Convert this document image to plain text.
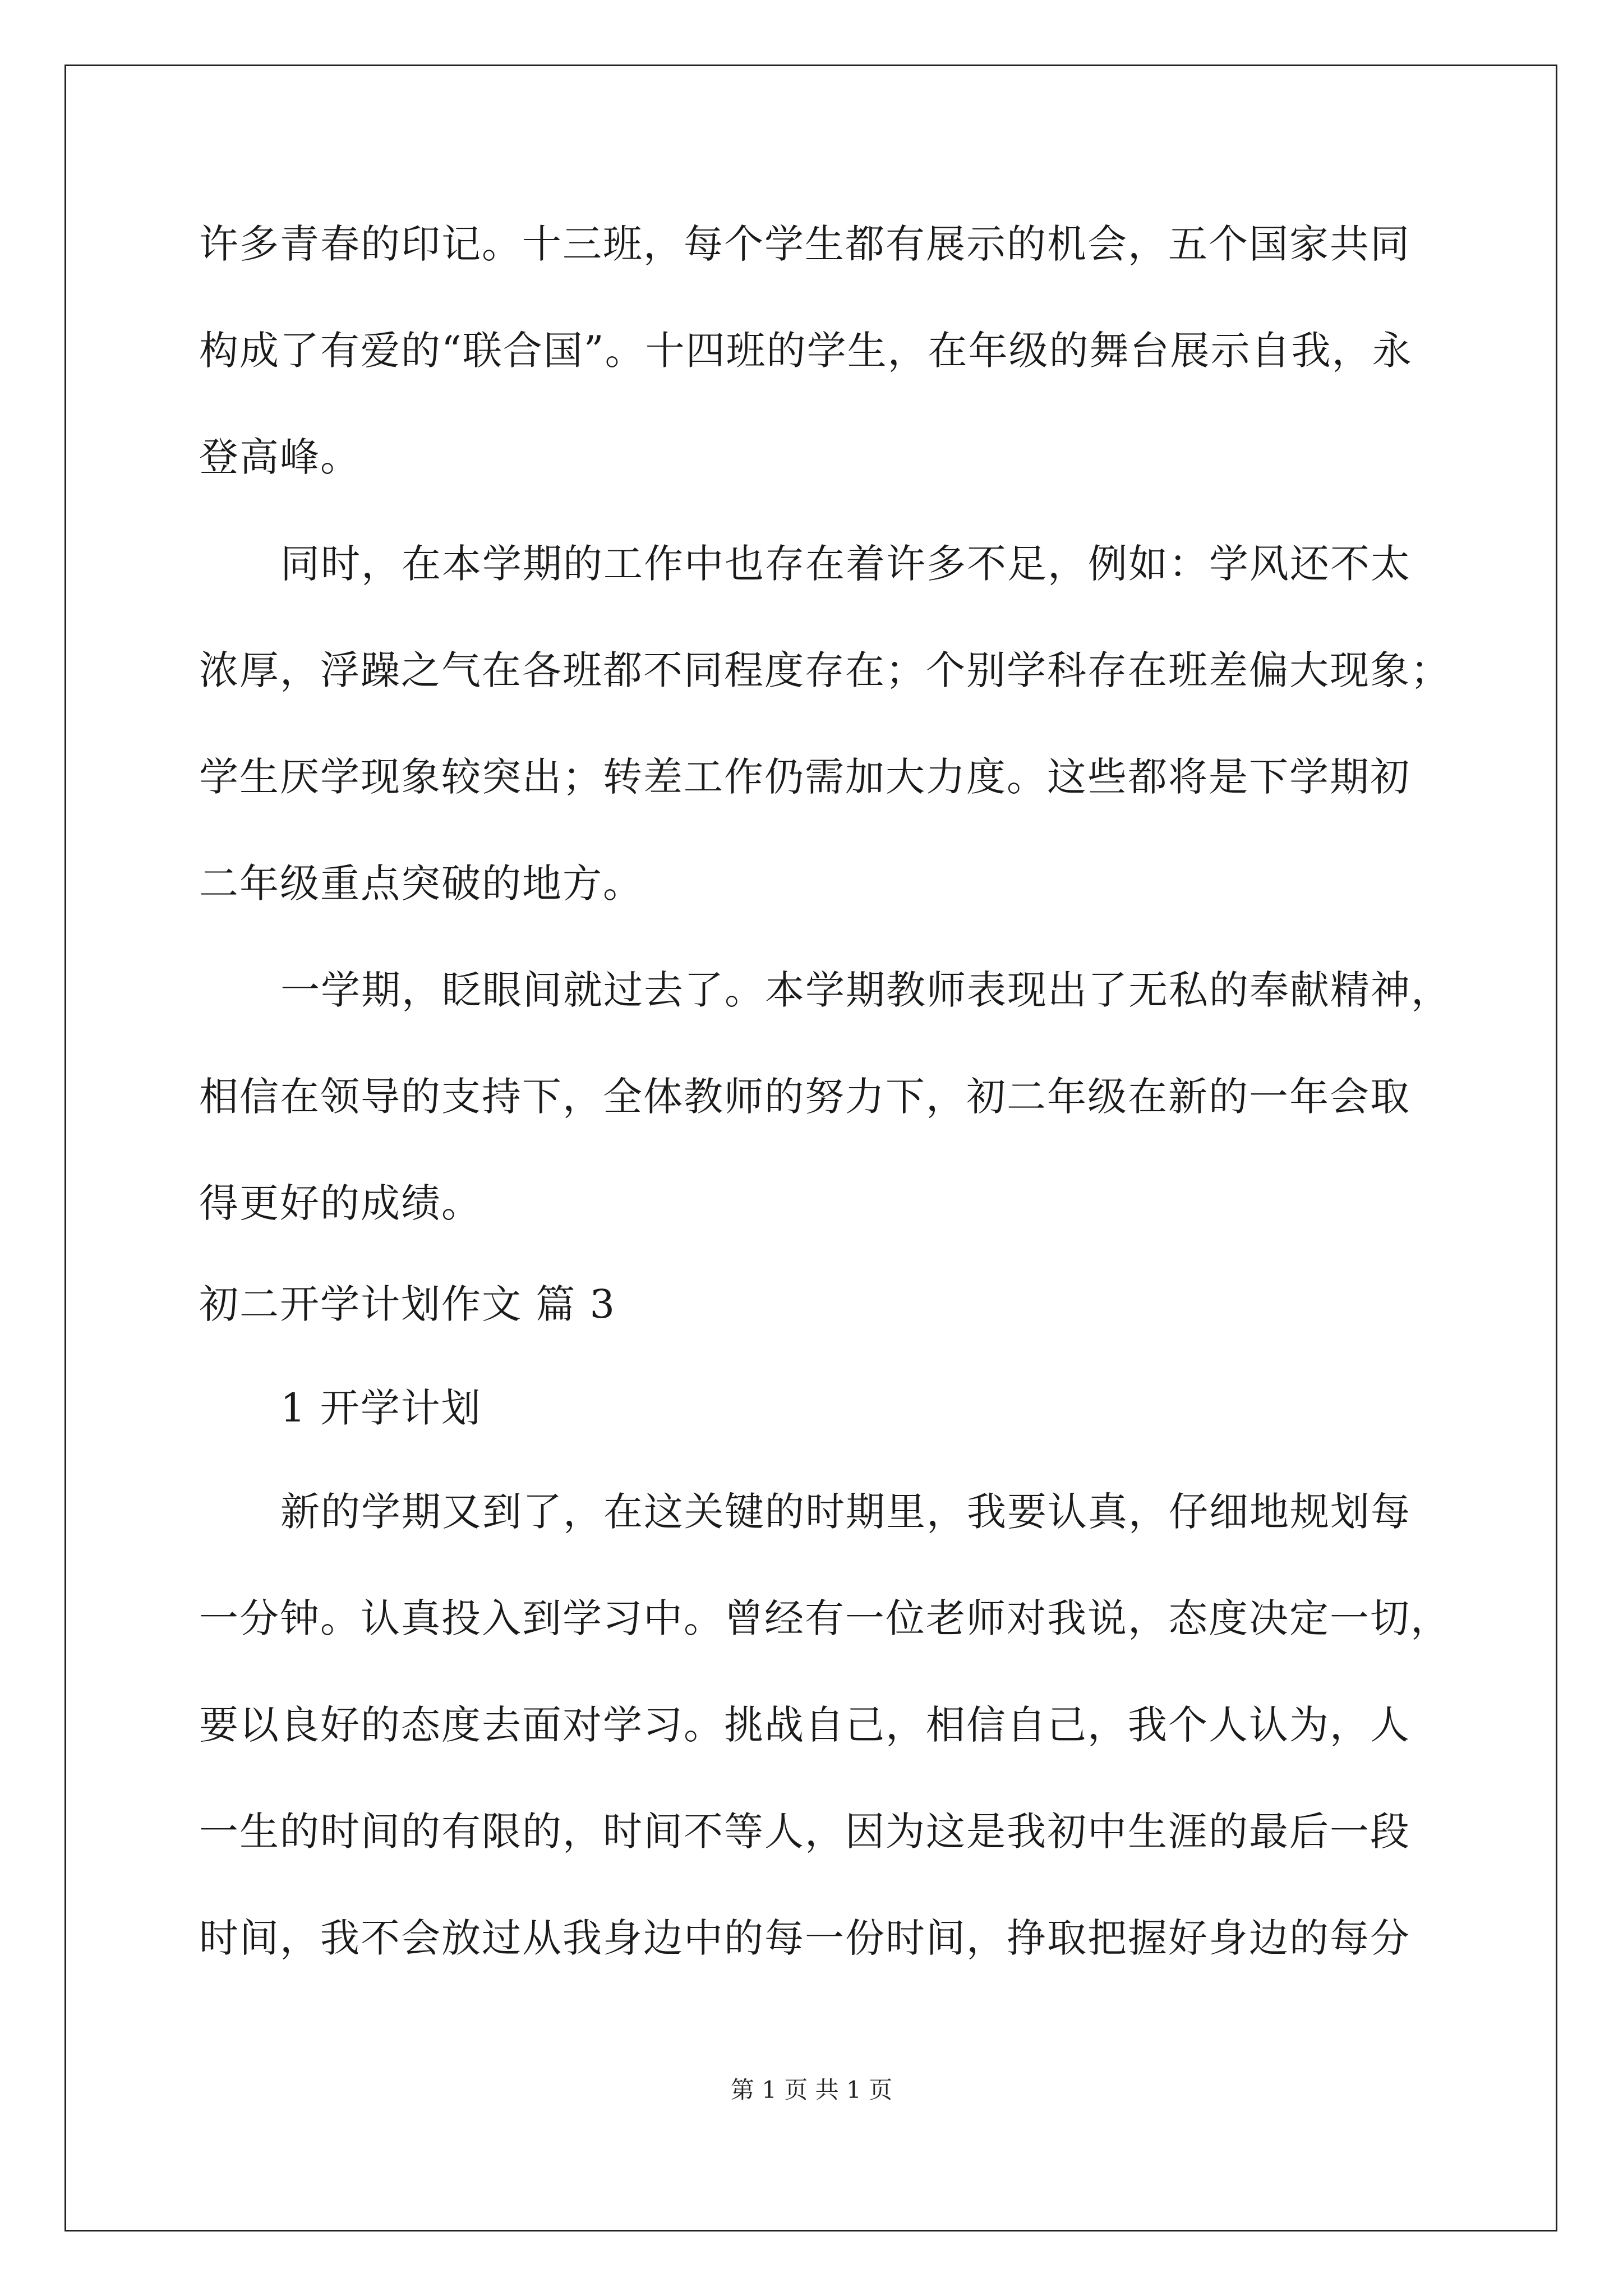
许多青春的印记。十三班，每个学生都有展示的机会，五个国家共同
构成了有爱的“联合国”。十四班的学生，在年级的舞台展示自我，永
登高峰。
同时，在本学期的工作中也存在着许多不足，例如：学风还不太
浓厚，浮躁之气在各班都不同程度存在；个别学科存在班差偏大现象；
学生厌学现象较突出；转差工作仍需加大力度。这些都将是下学期初
二年级重点突破的地方。
一学期，眨眼间就过去了。本学期教师表现出了无私的奉献精神，
相信在领导的支持下，全体教师的努力下，初二年级在新的一年会取
得更好的成绩。
初二开学计划作文 篇 3
1 开学计划
新的学期又到了，在这关键的时期里，我要认真，仔细地规划每
一分钟。认真投入到学习中。曾经有一位老师对我说，态度决定一切，
要以良好的态度去面对学习。挑战自己，相信自己，我个人认为，人
一生的时间的有限的，时间不等人，因为这是我初中生涯的最后一段
时间，我不会放过从我身边中的每一份时间，挣取把握好身边的每分
第 1 页 共 1 页
